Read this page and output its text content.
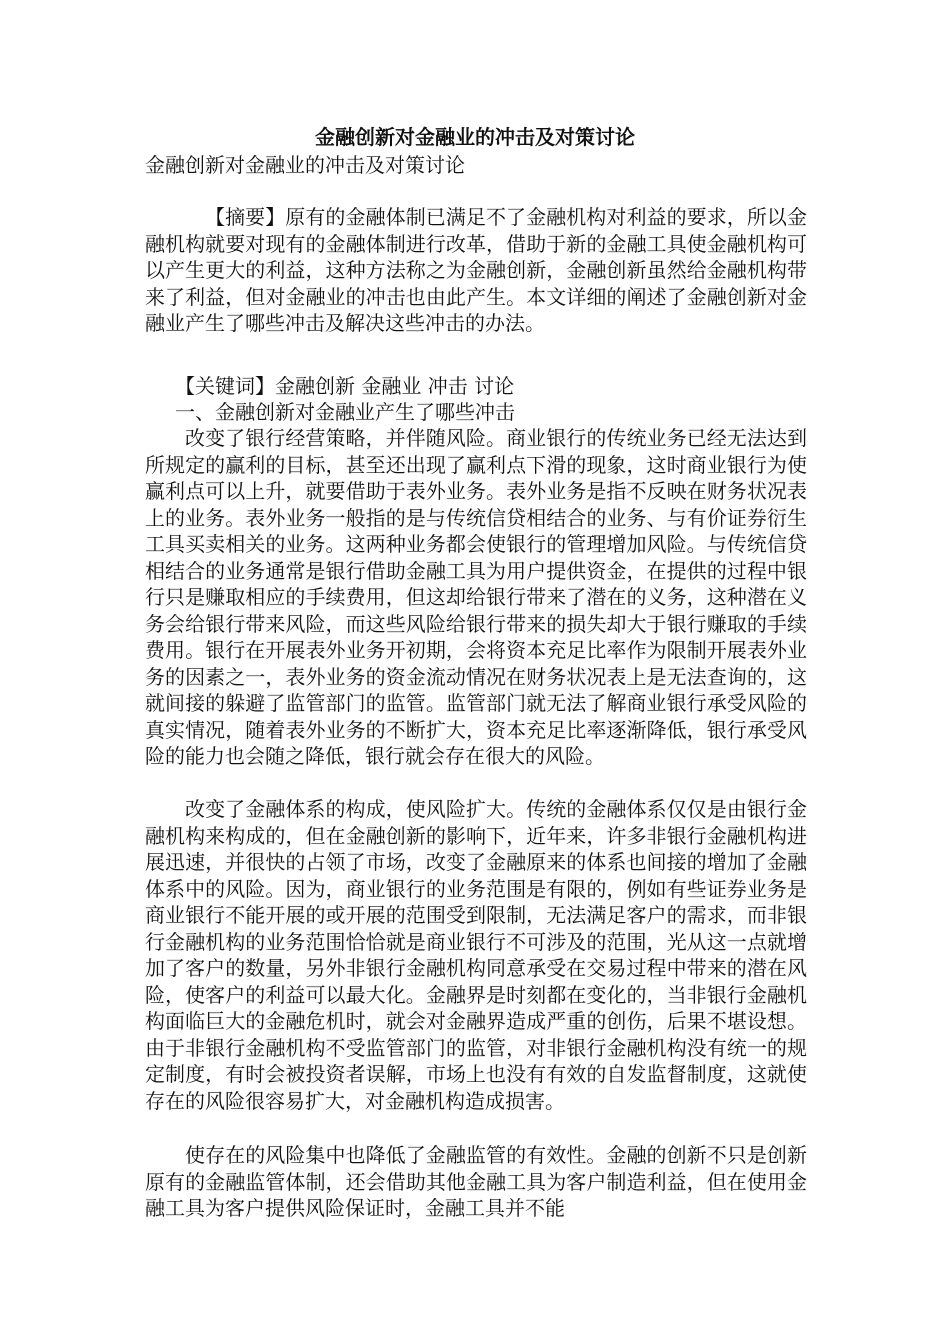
金融创新对金融业的冲击及对策讨论

金融创新对金融业的冲击及对策讨论

【摘要】原有的金融体制已满足不了金融机构对利益的要求，所以金融机构就要对现有的金融体制进行改革，借助于新的金融工具使金融机构可以产生更大的利益，这种方法称之为金融创新，金融创新虽然给金融机构带来了利益，但对金融业的冲击也由此产生。本文详细的阐述了金融创新对金融业产生了哪些冲击及解决这些冲击的办法。

【关键词】金融创新 金融业 冲击 讨论

一、金融创新对金融业产生了哪些冲击

改变了银行经营策略，并伴随风险。商业银行的传统业务已经无法达到所规定的赢利的目标，甚至还出现了赢利点下滑的现象，这时商业银行为使赢利点可以上升，就要借助于表外业务。表外业务是指不反映在财务状况表上的业务。表外业务一般指的是与传统信贷相结合的业务、与有价证券衍生工具买卖相关的业务。这两种业务都会使银行的管理增加风险。与传统信贷相结合的业务通常是银行借助金融工具为用户提供资金，在提供的过程中银行只是赚取相应的手续费用，但这却给银行带来了潜在的义务，这种潜在义务会给银行带来风险，而这些风险给银行带来的损失却大于银行赚取的手续费用。银行在开展表外业务开初期，会将资本充足比率作为限制开展表外业务的因素之一，表外业务的资金流动情况在财务状况表上是无法查询的，这就间接的躲避了监管部门的监管。监管部门就无法了解商业银行承受风险的真实情况，随着表外业务的不断扩大，资本充足比率逐渐降低，银行承受风险的能力也会随之降低，银行就会存在很大的风险。

改变了金融体系的构成，使风险扩大。传统的金融体系仅仅是由银行金融机构来构成的，但在金融创新的影响下，近年来，许多非银行金融机构进展迅速，并很快的占领了市场，改变了金融原来的体系也间接的增加了金融体系中的风险。因为，商业银行的业务范围是有限的，例如有些证券业务是商业银行不能开展的或开展的范围受到限制，无法满足客户的需求，而非银行金融机构的业务范围恰恰就是商业银行不可涉及的范围，光从这一点就增加了客户的数量，另外非银行金融机构同意承受在交易过程中带来的潜在风险，使客户的利益可以最大化。金融界是时刻都在变化的，当非银行金融机构面临巨大的金融危机时，就会对金融界造成严重的创伤，后果不堪设想。由于非银行金融机构不受监管部门的监管，对非银行金融机构没有统一的规定制度，有时会被投资者误解，市场上也没有有效的自发监督制度，这就使存在的风险很容易扩大，对金融机构造成损害。

使存在的风险集中也降低了金融监管的有效性。金融的创新不只是创新原有的金融监管体制，还会借助其他金融工具为客户制造利益，但在使用金融工具为客户提供风险保证时，金融工具并不能
